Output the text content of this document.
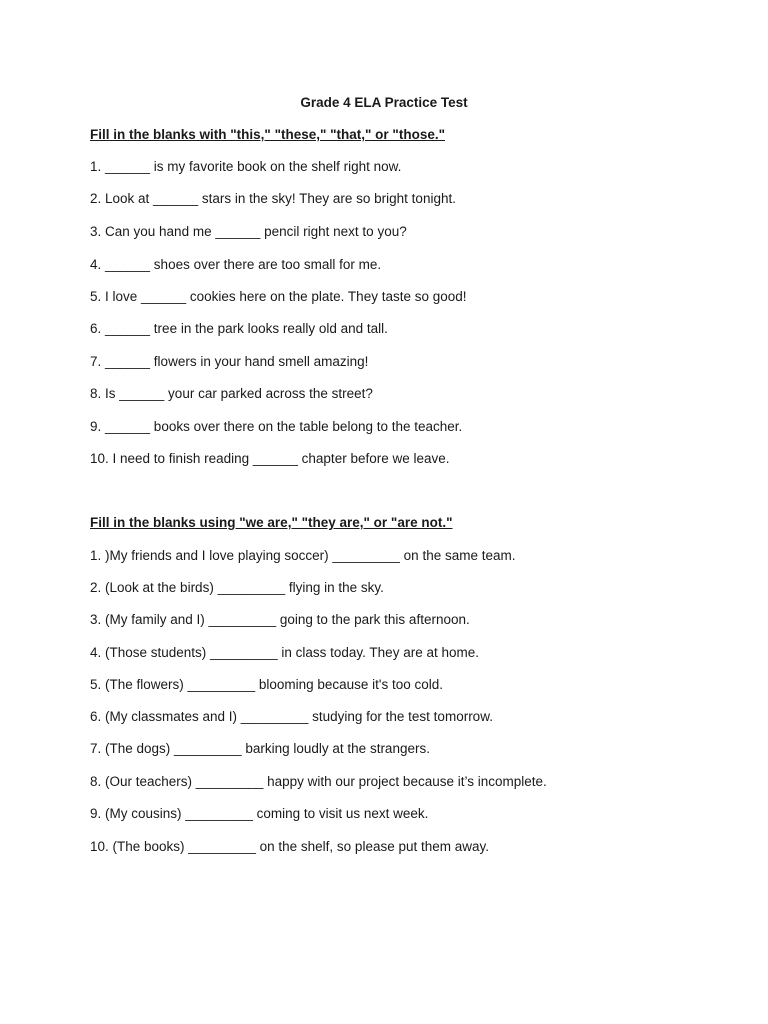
Grade 4 ELA Practice Test
Fill in the blanks with "this," "these," "that," or "those."
1. ______ is my favorite book on the shelf right now.
2. Look at ______ stars in the sky! They are so bright tonight.
3. Can you hand me ______ pencil right next to you?
4. ______ shoes over there are too small for me.
5. I love ______ cookies here on the plate. They taste so good!
6. ______ tree in the park looks really old and tall.
7. ______ flowers in your hand smell amazing!
8. Is ______ your car parked across the street?
9. ______ books over there on the table belong to the teacher.
10. I need to finish reading ______ chapter before we leave.
Fill in the blanks using "we are," "they are," or "are not."
1. )My friends and I love playing soccer) _________ on the same team.
2. (Look at the birds) _________ flying in the sky.
3. (My family and I) _________ going to the park this afternoon.
4. (Those students) _________ in class today. They are at home.
5. (The flowers) _________ blooming because it's too cold.
6. (My classmates and I) _________ studying for the test tomorrow.
7. (The dogs) _________ barking loudly at the strangers.
8. (Our teachers) _________ happy with our project because it’s incomplete.
9. (My cousins) _________ coming to visit us next week.
10. (The books) _________ on the shelf, so please put them away.
